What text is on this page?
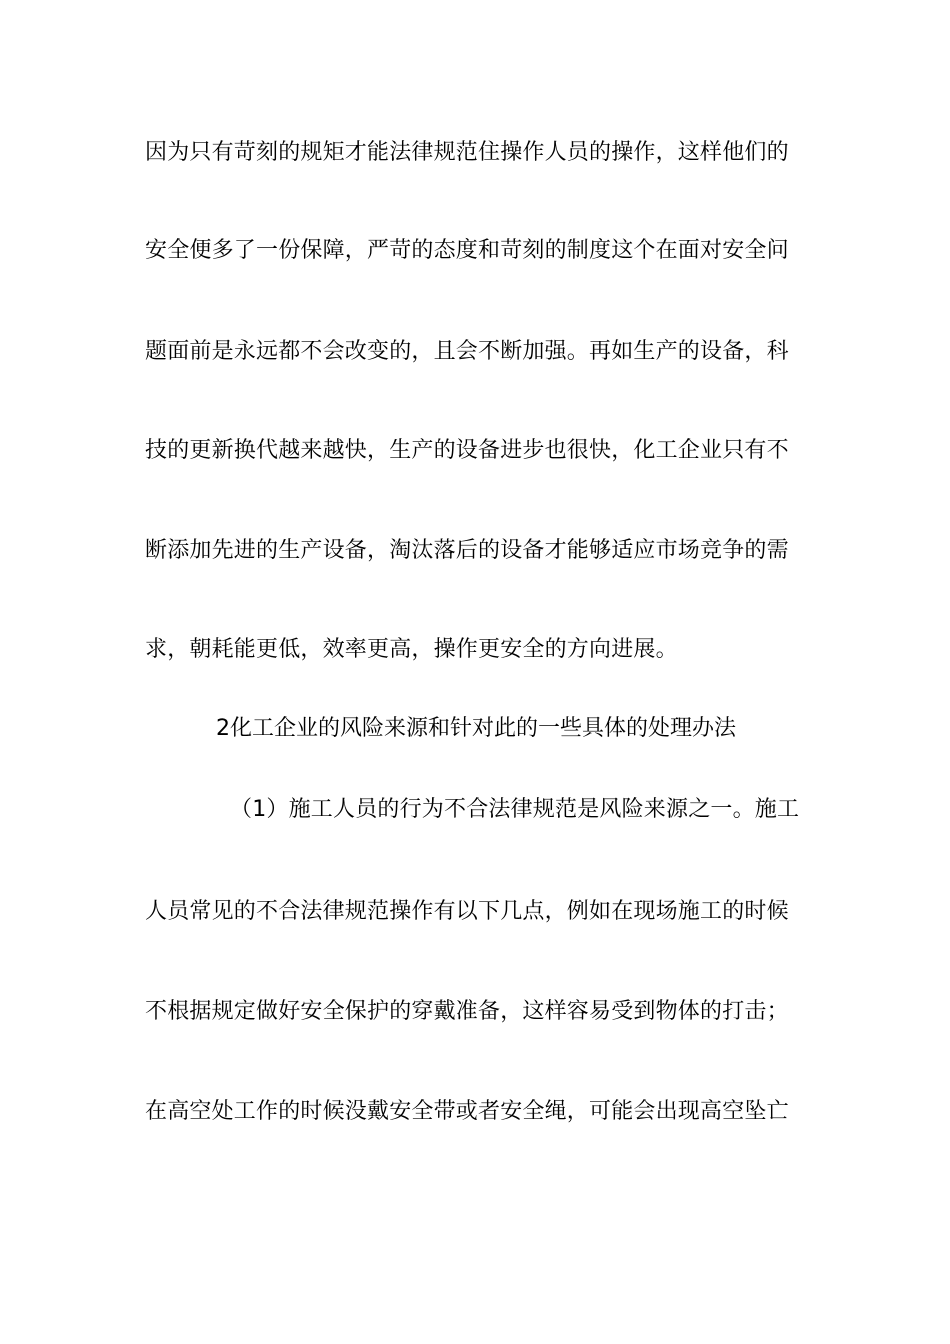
因为只有苛刻的规矩才能法律规范住操作人员的操作，这样他们的
安全便多了一份保障，严苛的态度和苛刻的制度这个在面对安全问
题面前是永远都不会改变的，且会不断加强。再如生产的设备，科
技的更新换代越来越快，生产的设备进步也很快，化工企业只有不
断添加先进的生产设备，淘汰落后的设备才能够适应市场竞争的需
求，朝耗能更低，效率更高，操作更安全的方向进展。
2化工企业的风险来源和针对此的一些具体的处理办法
（1）施工人员的行为不合法律规范是风险来源之一。施工
人员常见的不合法律规范操作有以下几点，例如在现场施工的时候
不根据规定做好安全保护的穿戴准备，这样容易受到物体的打击；
在高空处工作的时候没戴安全带或者安全绳，可能会出现高空坠亡
